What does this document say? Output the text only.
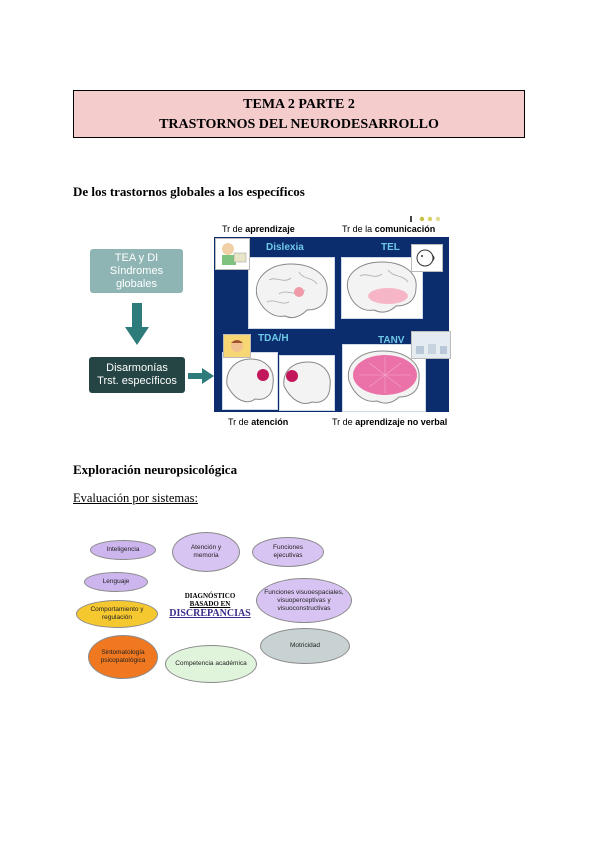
TEMA 2 PARTE 2
TRASTORNOS DEL NEURODESARROLLO
De los trastornos globales a los específicos
TEA y DI
Síndromes
globales
Disarmonías
Trst. específicos
Tr de aprendizaje	Tr de la comunicación
Tr de atención	Tr de aprendizaje no verbal
Dislexia	TEL
TDA/H	TANV
Exploración neuropsicológica
Evaluación por sistemas:
Inteligencia	Atención y memoria
Funciones ejecutivas
Lenguaje
Funciones visuoespaciales, visuoperceptivas y visuoconstructivas
Comportamiento y regulación
Sintomatología psicopatológica
Motricidad
Competencia académica
DIAGNÓSTICO
BASADO EN
DISCREPANCIAS
